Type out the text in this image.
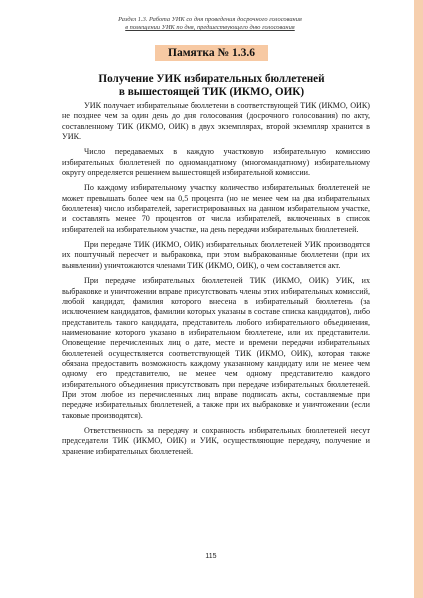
Раздел 1.3. Работа УИК со дня проведения досрочного голосования
в помещении УИК по дня, предшествующего дню голосования
Памятка № 1.3.6
Получение УИК избирательных бюллетеней
в вышестоящей ТИК (ИКМО, ОИК)

УИК получает избирательные бюллетени в соответствующей ТИК (ИКМО, ОИК) не позднее чем за один день до дня голосования (досрочного голосования) по акту, составленному ТИК (ИКМО, ОИК) в двух экземплярах, второй экземпляр хранится в УИК.

Число передаваемых в каждую участковую избирательную комиссию избирательных бюллетеней по одномандатному (многомандатному) избирательному округу определяется решением вышестоящей избирательной комиссии.

По каждому избирательному участку количество избирательных бюллетеней не может превышать более чем на 0,5 процента (но не менее чем на два избирательных бюллетеня) число избирателей, зарегистрированных на данном избирательном участке, и составлять менее 70 процентов от числа избирателей, включенных в список избирателей на избирательном участке, на день передачи избирательных бюллетеней.

При передаче ТИК (ИКМО, ОИК) избирательных бюллетеней УИК производятся их поштучный пересчет и выбраковка, при этом выбракованные бюллетени (при их выявлении) уничтожаются членами ТИК (ИКМО, ОИК), о чем составляется акт.

При передаче избирательных бюллетеней ТИК (ИКМО, ОИК) УИК, их выбраковке и уничтожении вправе присутствовать члены этих избирательных комиссий, любой кандидат, фамилия которого внесена в избирательный бюллетень (за исключением кандидатов, фамилии которых указаны в составе списка кандидатов), либо представитель такого кандидата, представитель любого избирательного объединения, наименование которого указано в избирательном бюллетене, или их представители. Оповещение перечисленных лиц о дате, месте и времени передачи избирательных бюллетеней осуществляется соответствующей ТИК (ИКМО, ОИК), которая также обязана предоставить возможность каждому указанному кандидату или не менее чем одному его представителю, не менее чем одному представителю каждого избирательного объединения присутствовать при передаче избирательных бюллетеней. При этом любое из перечисленных лиц вправе подписать акты, составляемые при передаче избирательных бюллетеней, а также при их выбраковке и уничтожении (если таковые производятся).

Ответственность за передачу и сохранность избирательных бюллетеней несут председатели ТИК (ИКМО, ОИК) и УИК, осуществляющие передачу, получение и хранение избирательных бюллетеней.

115
